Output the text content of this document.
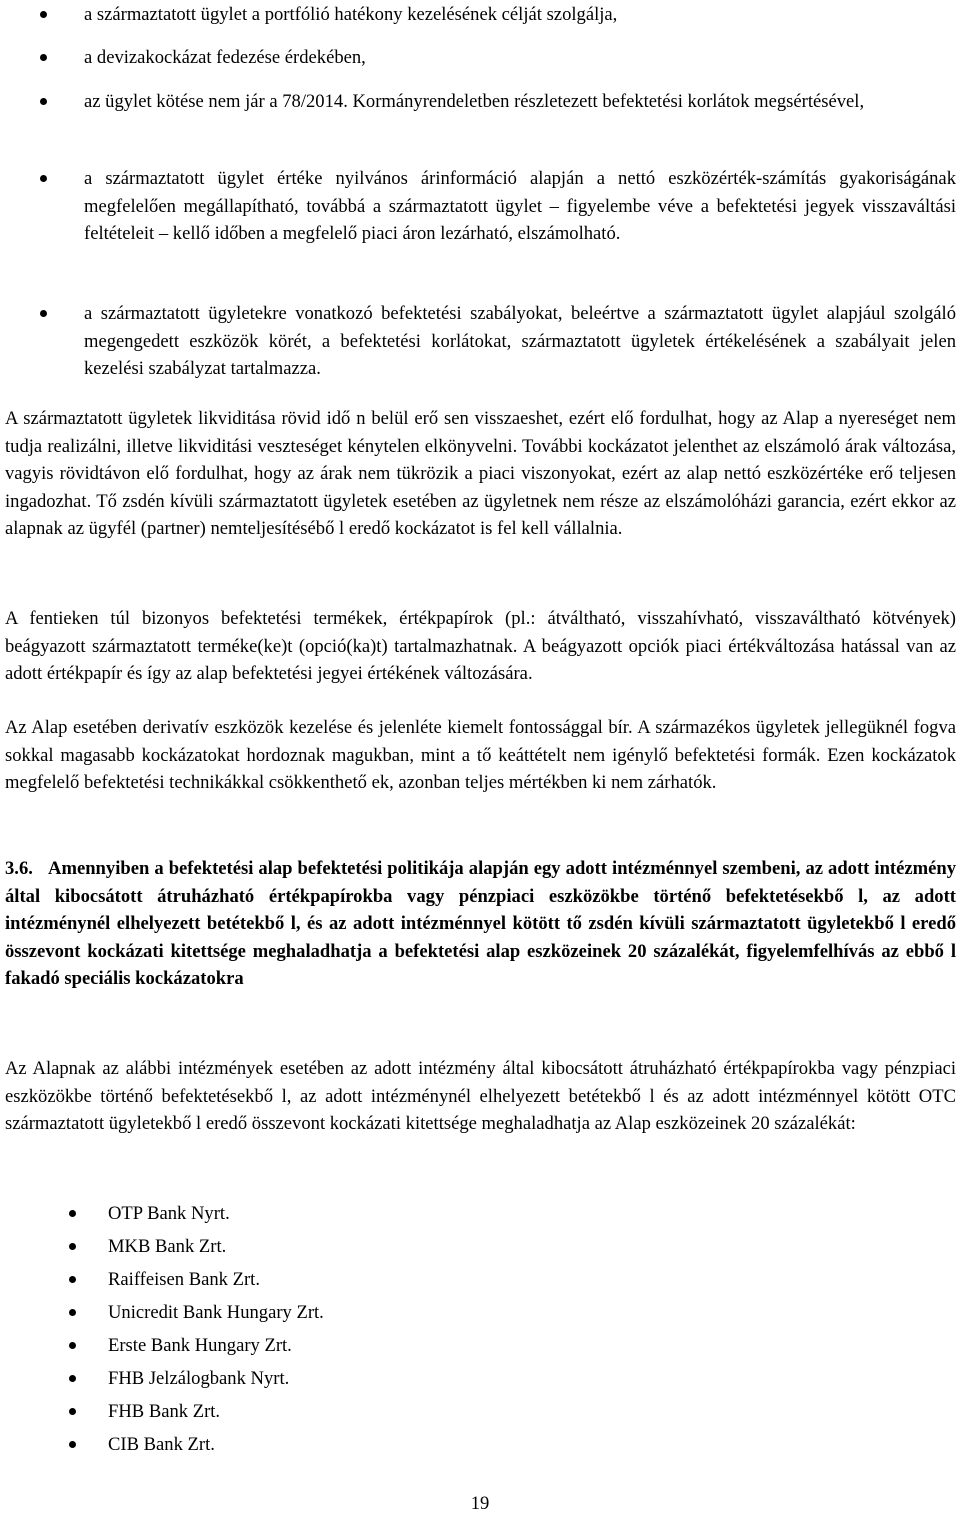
a származtatott ügylet a portfólió hatékony kezelésének célját szolgálja,
a devizakockázat fedezése érdekében,
az ügylet kötése nem jár a 78/2014. Kormányrendeletben részletezett befektetési korlátok megsértésével,
a származtatott ügylet értéke nyilvános árinformáció alapján a nettó eszközérték-számítás gyakoriságának megfelelően megállapítható, továbbá a származtatott ügylet – figyelembe véve a befektetési jegyek visszaváltási feltételeit – kellő időben a megfelelő piaci áron lezárható, elszámolható.
a származtatott ügyletekre vonatkozó befektetési szabályokat, beleértve a származtatott ügylet alapjául szolgáló megengedett eszközök körét, a befektetési korlátokat, származtatott ügyletek értékelésének a szabályait jelen kezelési szabályzat tartalmazza.

A származtatott ügyletek likviditása rövid idő n belül erő sen visszaeshet, ezért elő fordulhat, hogy az Alap a nyereséget nem tudja realizálni, illetve likviditási veszteséget kénytelen elkönyvelni. További kockázatot jelenthet az elszámoló árak változása, vagyis rövidtávon elő fordulhat, hogy az árak nem tükrözik a piaci viszonyokat, ezért az alap nettó eszközértéke erő teljesen ingadozhat. Tő zsdén kívüli származtatott ügyletek esetében az ügyletnek nem része az elszámolóházi garancia, ezért ekkor az alapnak az ügyfél (partner) nemteljesítésébő l eredő kockázatot is fel kell vállalnia.

A fentieken túl bizonyos befektetési termékek, értékpapírok (pl.: átváltható, visszahívható, visszaváltható kötvények) beágyazott származtatott terméke(ke)t (opció(ka)t) tartalmazhatnak. A beágyazott opciók piaci értékváltozása hatással van az adott értékpapír és így az alap befektetési jegyei értékének változására.

Az Alap esetében derivatív eszközök kezelése és jelenléte kiemelt fontossággal bír. A származékos ügyletek jellegüknél fogva sokkal magasabb kockázatokat hordoznak magukban, mint a tő keáttételt nem igénylő befektetési formák. Ezen kockázatok megfelelő befektetési technikákkal csökkenthető ek, azonban teljes mértékben ki nem zárhatók.

3.6. Amennyiben a befektetési alap befektetési politikája alapján egy adott intézménnyel szembeni, az adott intézmény által kibocsátott átruházható értékpapírokba vagy pénzpiaci eszközökbe történő befektetésekbő l, az adott intézménynél elhelyezett betétekbő l, és az adott intézménnyel kötött tő zsdén kívüli származtatott ügyletekbő l eredő összevont kockázati kitettsége meghaladhatja a befektetési alap eszközeinek 20 százalékát, figyelemfelhívás az ebbő l fakadó speciális kockázatokra

Az Alapnak az alábbi intézmények esetében az adott intézmény által kibocsátott átruházható értékpapírokba vagy pénzpiaci eszközökbe történő befektetésekbő l, az adott intézménynél elhelyezett betétekbő l és az adott intézménnyel kötött OTC származtatott ügyletekbő l eredő összevont kockázati kitettsége meghaladhatja az Alap eszközeinek 20 százalékát:

OTP Bank Nyrt.
MKB Bank Zrt.
Raiffeisen Bank Zrt.
Unicredit Bank Hungary Zrt.
Erste Bank Hungary Zrt.
FHB Jelzálogbank Nyrt.
FHB Bank Zrt.
CIB Bank Zrt.
19
